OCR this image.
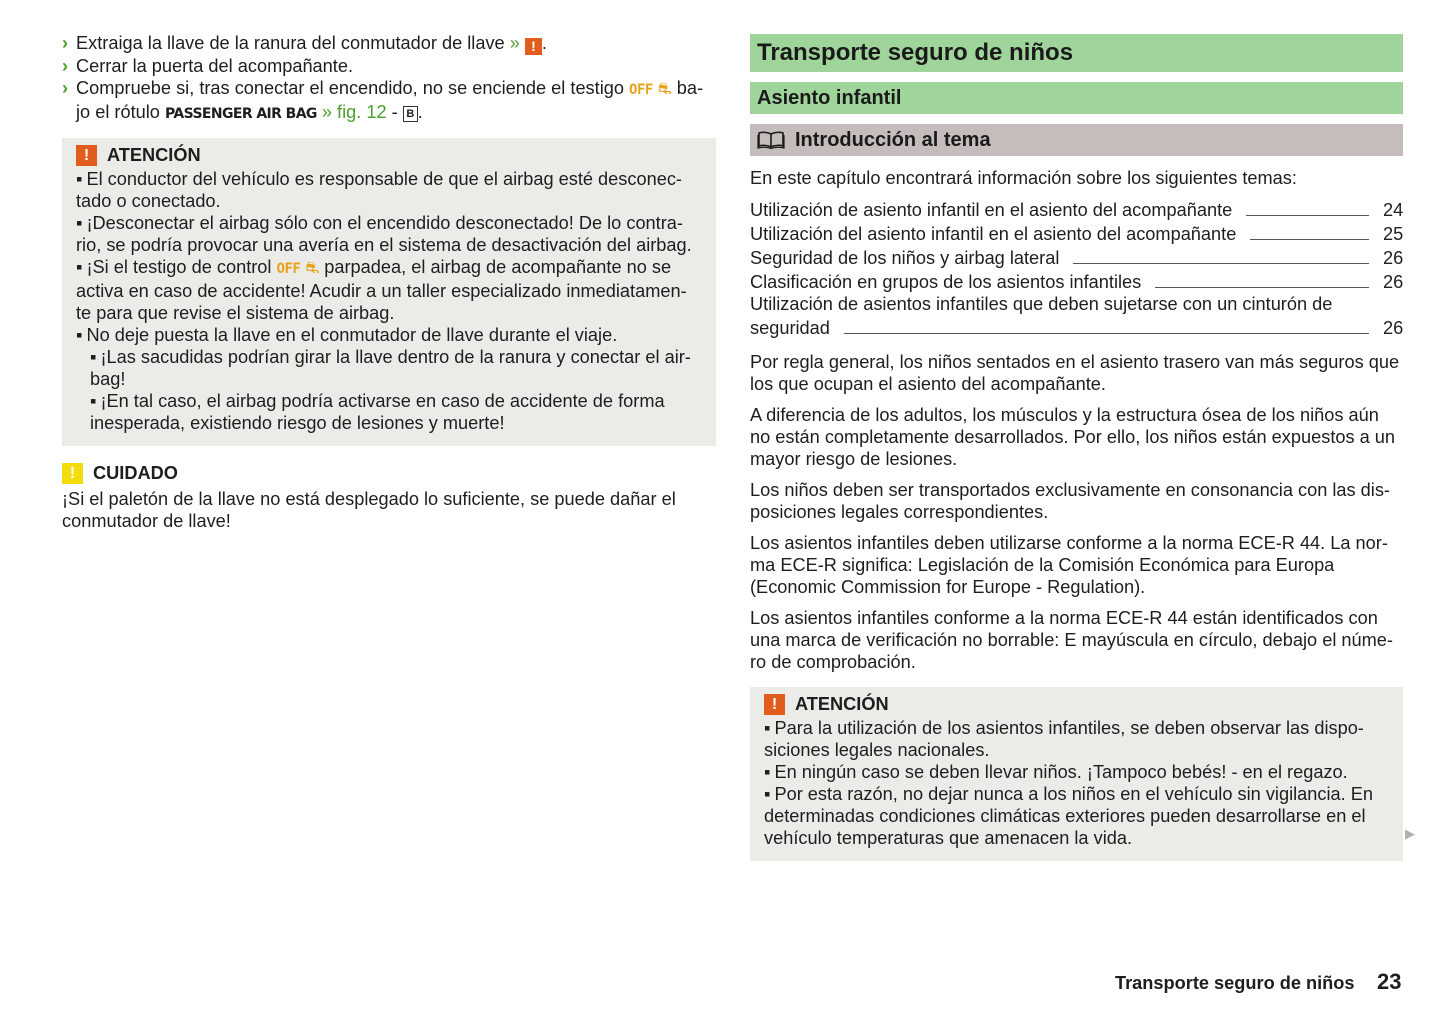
› Extraiga la llave de la ranura del conmutador de llave » ! .
› Cerrar la puerta del acompañante.
› Compruebe si, tras conectar el encendido, no se enciende el testigo OFF ⛐ ba-
jo el rótulo PASSENGER AIR BAG » fig. 12 - B .
! ATENCIÓN

▪ El conductor del vehículo es responsable de que el airbag esté desconec-tado o conectado.

▪ ¡Desconectar el airbag sólo con el encendido desconectado! De lo contra-rio, se podría provocar una avería en el sistema de desactivación del airbag.

▪ ¡Si el testigo de control OFF ⛐ parpadea, el airbag de acompañante no se activa en caso de accidente! Acudir a un taller especializado inmediatamen-te para que revise el sistema de airbag.

▪ No deje puesta la llave en el conmutador de llave durante el viaje.

▪ ¡Las sacudidas podrían girar la llave dentro de la ranura y conectar el air-bag!

▪ ¡En tal caso, el airbag podría activarse en caso de accidente de forma inesperada, existiendo riesgo de lesiones y muerte!

! CUIDADO

¡Si el paletón de la llave no está desplegado lo suficiente, se puede dañar el conmutador de llave!

Transporte seguro de niños
Asiento infantil
Introducción al tema

En este capítulo encontrará información sobre los siguientes temas:

Utilización de asiento infantil en el asiento del acompañante	24
Utilización del asiento infantil en el asiento del acompañante	25
Seguridad de los niños y airbag lateral	26
Clasificación en grupos de los asientos infantiles	26
Utilización de asientos infantiles que deben sujetarse con un cinturón de
seguridad	26

Por regla general, los niños sentados en el asiento trasero van más seguros que los que ocupan el asiento del acompañante.

A diferencia de los adultos, los músculos y la estructura ósea de los niños aún no están completamente desarrollados. Por ello, los niños están expuestos a un mayor riesgo de lesiones.

Los niños deben ser transportados exclusivamente en consonancia con las dis-posiciones legales correspondientes.

Los asientos infantiles deben utilizarse conforme a la norma ECE-R 44. La nor-ma ECE-R significa: Legislación de la Comisión Económica para Europa (Economic Commission for Europe - Regulation).

Los asientos infantiles conforme a la norma ECE-R 44 están identificados con una marca de verificación no borrable: E mayúscula en círculo, debajo el núme-ro de comprobación.

! ATENCIÓN

▪ Para la utilización de los asientos infantiles, se deben observar las dispo-siciones legales nacionales.

▪ En ningún caso se deben llevar niños. ¡Tampoco bebés! - en el regazo.

▪ Por esta razón, no dejar nunca a los niños en el vehículo sin vigilancia. En determinadas condiciones climáticas exteriores pueden desarrollarse en el vehículo temperaturas que amenacen la vida.	▶
Transporte seguro de niños 23
